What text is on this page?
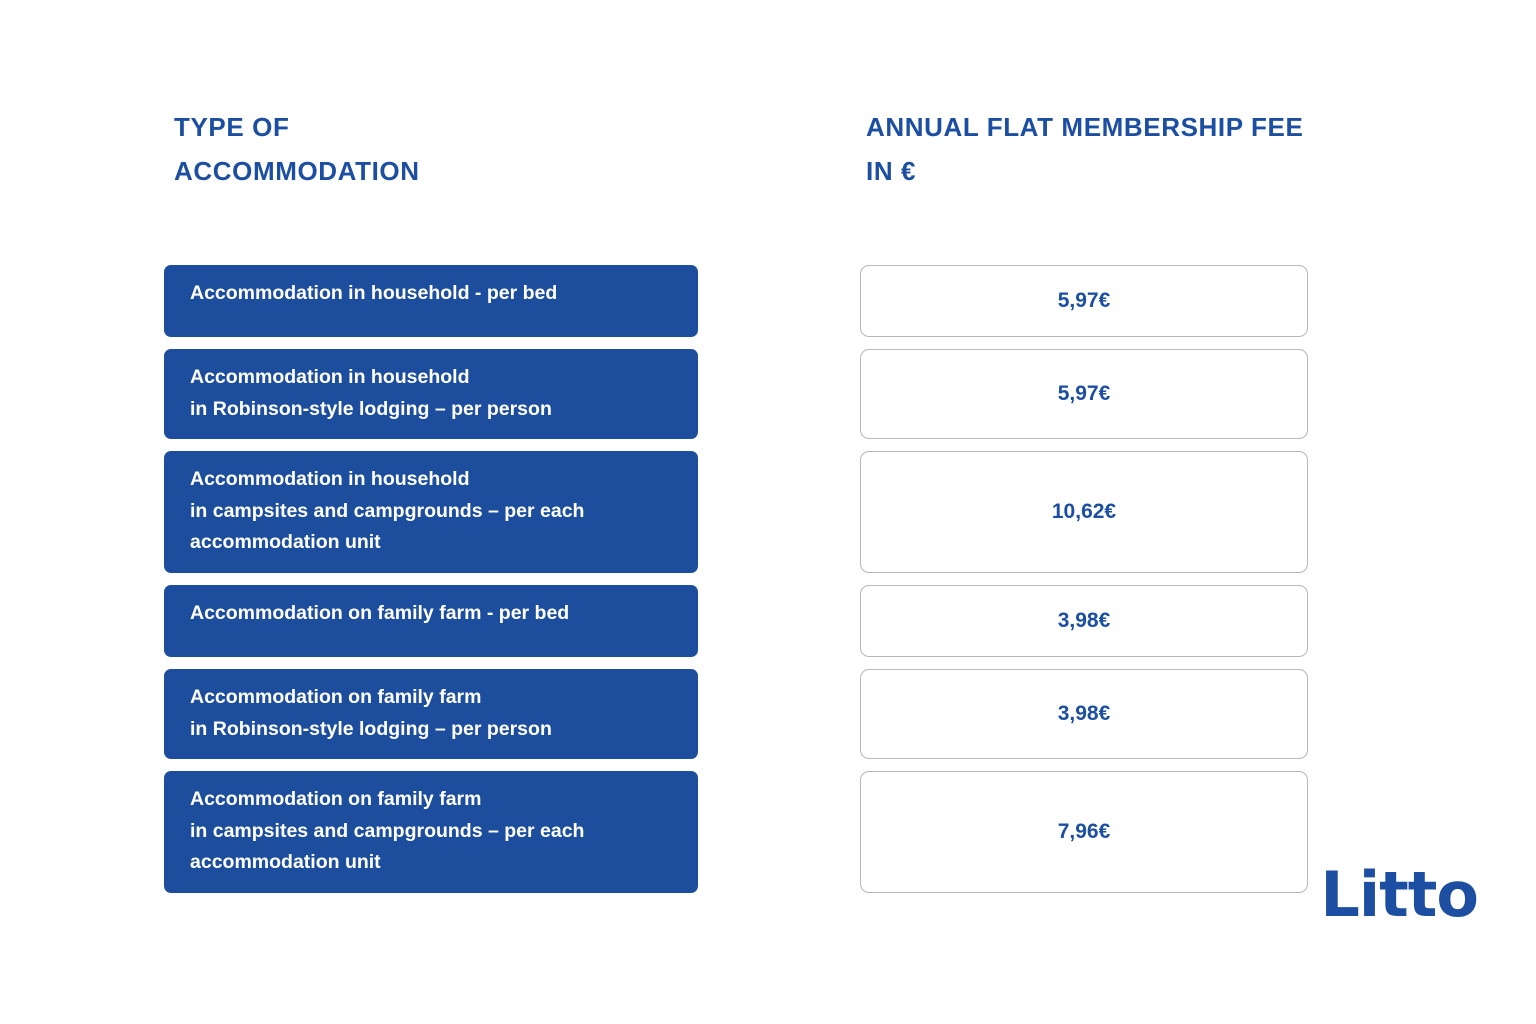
TYPE OF
ACCOMMODATION
ANNUAL FLAT MEMBERSHIP FEE
IN €
Accommodation in household - per bed	5,97€
Accommodation in household
in Robinson-style lodging – per person
5,97€
Accommodation in household
in campsites and campgrounds – per each
accommodation unit
10,62€
Accommodation on family farm - per bed	3,98€
Accommodation on family farm
in Robinson-style lodging – per person
3,98€
Accommodation on family farm
in campsites and campgrounds – per each
accommodation unit
7,96€
Litto
